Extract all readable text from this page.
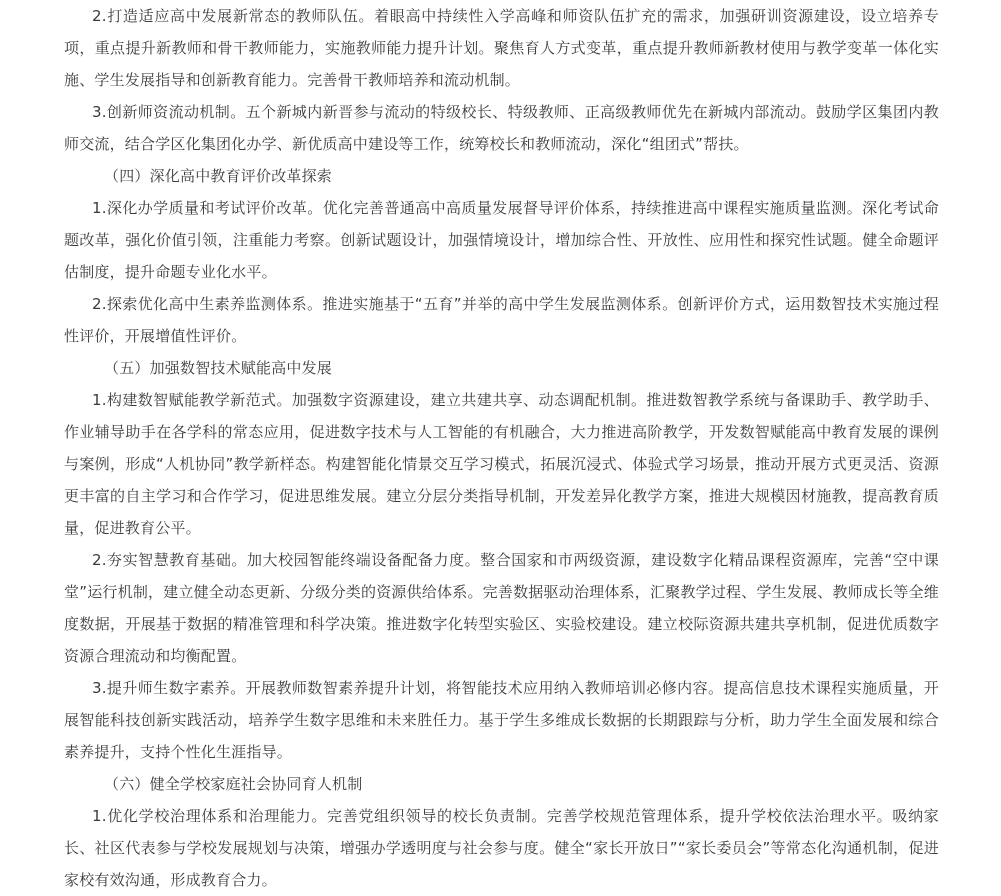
2.打造适应高中发展新常态的教师队伍。着眼高中持续性入学高峰和师资队伍扩充的需求，加强研训资源建设，设立培养专项，重点提升新教师和骨干教师能力，实施教师能力提升计划。聚焦育人方式变革，重点提升教师新教材使用与教学变革一体化实施、学生发展指导和创新教育能力。完善骨干教师培养和流动机制。

3.创新师资流动机制。五个新城内新晋参与流动的特级校长、特级教师、正高级教师优先在新城内部流动。鼓励学区集团内教师交流，结合学区化集团化办学、新优质高中建设等工作，统筹校长和教师流动，深化“组团式”帮扶。

（四）深化高中教育评价改革探索

1.深化办学质量和考试评价改革。优化完善普通高中高质量发展督导评价体系，持续推进高中课程实施质量监测。深化考试命题改革，强化价值引领，注重能力考察。创新试题设计，加强情境设计，增加综合性、开放性、应用性和探究性试题。健全命题评估制度，提升命题专业化水平。

2.探索优化高中生素养监测体系。推进实施基于“五育”并举的高中学生发展监测体系。创新评价方式，运用数智技术实施过程性评价，开展增值性评价。

（五）加强数智技术赋能高中发展

1.构建数智赋能教学新范式。加强数字资源建设，建立共建共享、动态调配机制。推进数智教学系统与备课助手、教学助手、作业辅导助手在各学科的常态应用，促进数字技术与人工智能的有机融合，大力推进高阶教学，开发数智赋能高中教育发展的课例与案例，形成“人机协同”教学新样态。构建智能化情景交互学习模式，拓展沉浸式、体验式学习场景，推动开展方式更灵活、资源更丰富的自主学习和合作学习，促进思维发展。建立分层分类指导机制，开发差异化教学方案，推进大规模因材施教，提高教育质量，促进教育公平。

2.夯实智慧教育基础。加大校园智能终端设备配备力度。整合国家和市两级资源，建设数字化精品课程资源库，完善“空中课堂”运行机制，建立健全动态更新、分级分类的资源供给体系。完善数据驱动治理体系，汇聚教学过程、学生发展、教师成长等全维度数据，开展基于数据的精准管理和科学决策。推进数字化转型实验区、实验校建设。建立校际资源共建共享机制，促进优质数字资源合理流动和均衡配置。

3.提升师生数字素养。开展教师数智素养提升计划，将智能技术应用纳入教师培训必修内容。提高信息技术课程实施质量，开展智能科技创新实践活动，培养学生数字思维和未来胜任力。基于学生多维成长数据的长期跟踪与分析，助力学生全面发展和综合素养提升，支持个性化生涯指导。

（六）健全学校家庭社会协同育人机制

1.优化学校治理体系和治理能力。完善党组织领导的校长负责制。完善学校规范管理体系，提升学校依法治理水平。吸纳家长、社区代表参与学校发展规划与决策，增强办学透明度与社会参与度。健全“家长开放日”“家长委员会”等常态化沟通机制，促进家校有效沟通，形成教育合力。
